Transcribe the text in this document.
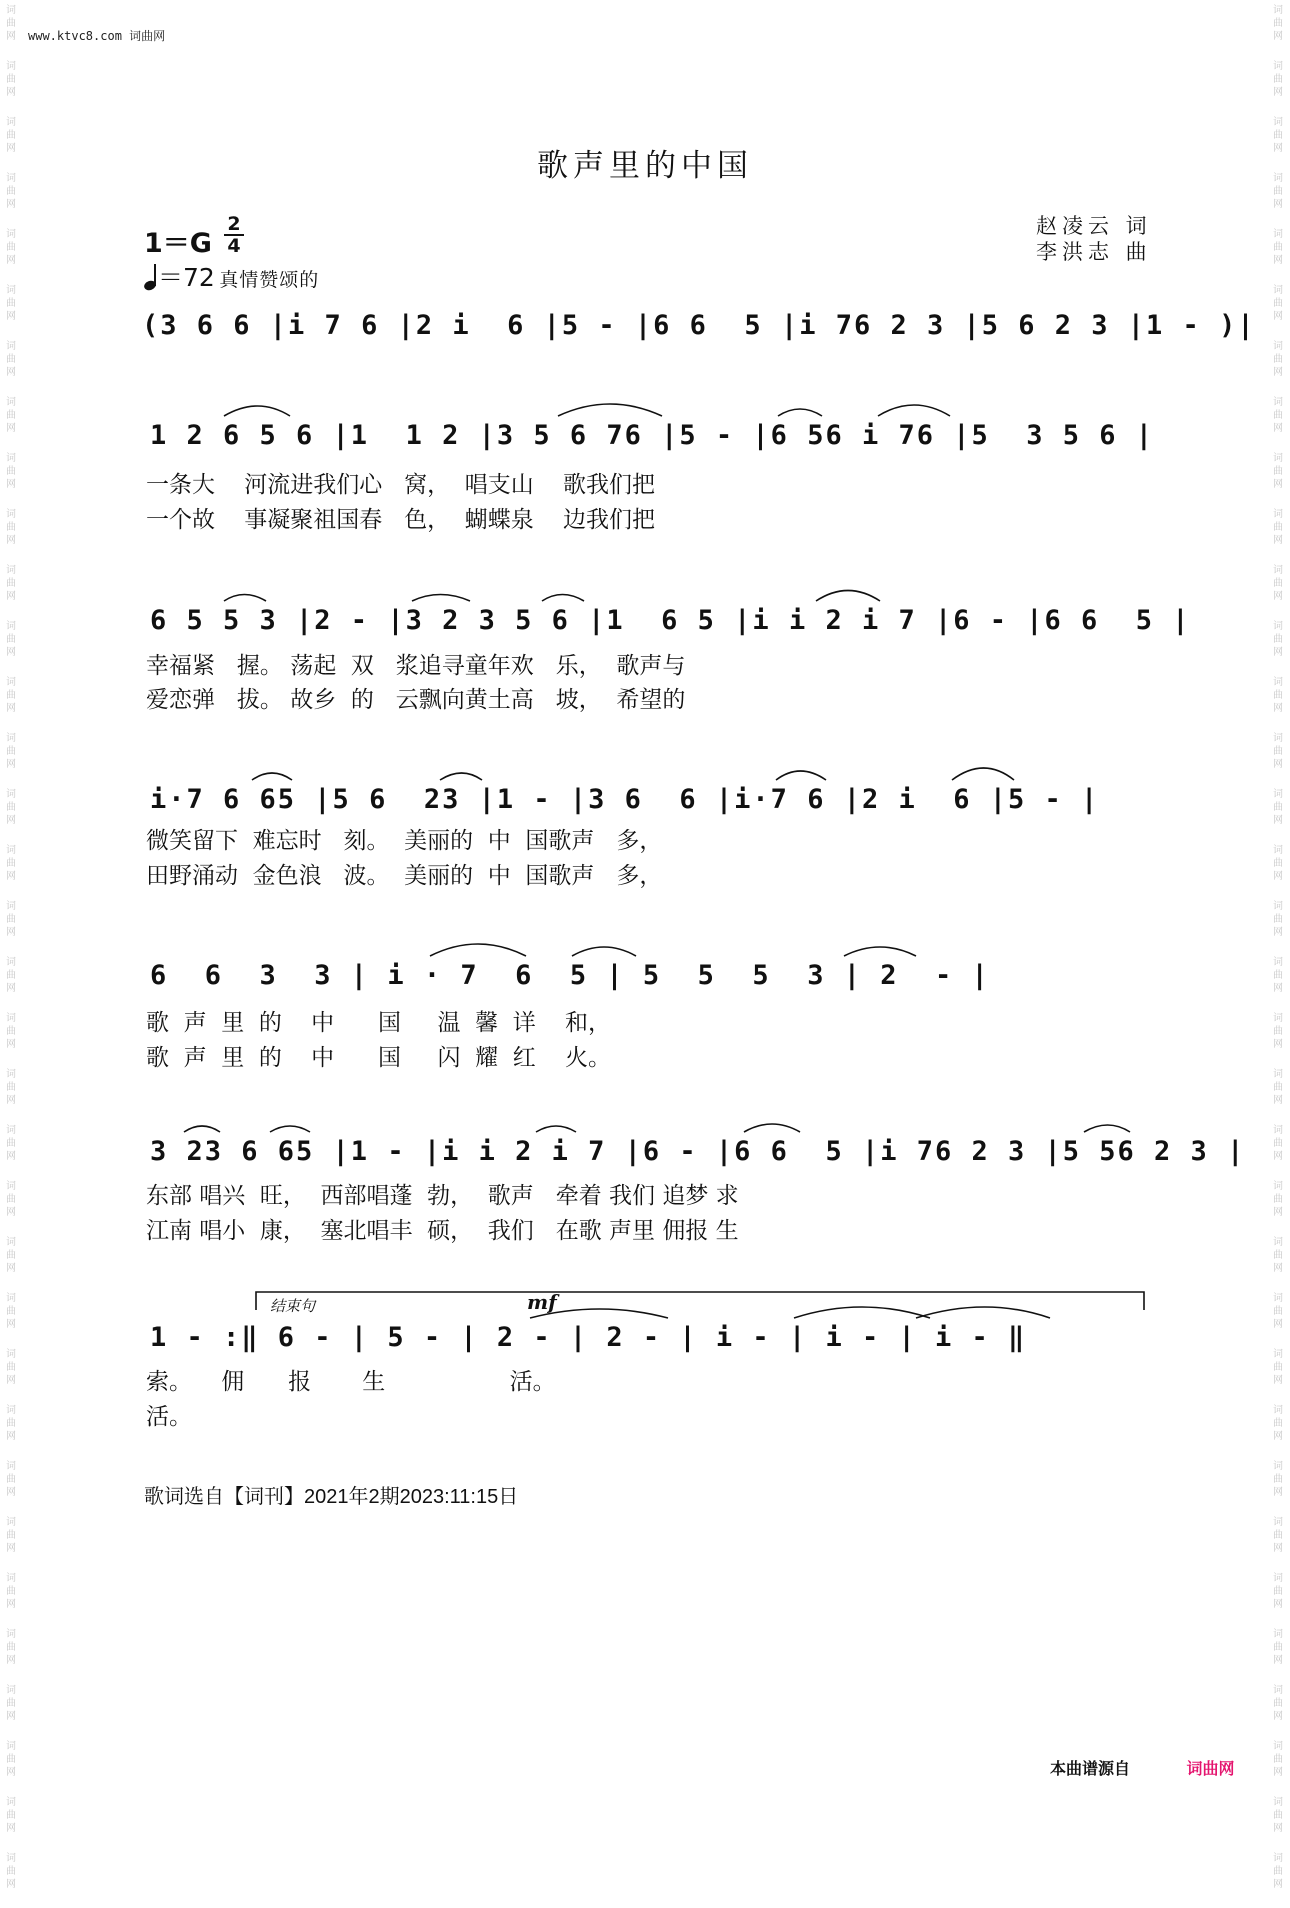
词曲网
词曲网
词曲网
词曲网
词曲网
词曲网
词曲网
词曲网
词曲网
词曲网
词曲网
词曲网
词曲网
词曲网
词曲网
词曲网
词曲网
词曲网
词曲网
词曲网
词曲网
词曲网
词曲网
词曲网
词曲网
词曲网
词曲网
词曲网
词曲网
词曲网
词曲网
词曲网
词曲网
词曲网
词曲网
词曲网
词曲网
词曲网
词曲网
词曲网
词曲网
词曲网
词曲网
词曲网
词曲网
词曲网
词曲网
词曲网
词曲网
词曲网
词曲网
词曲网
词曲网
词曲网
词曲网
词曲网
词曲网
词曲网
词曲网
词曲网
词曲网
词曲网
词曲网
词曲网
词曲网
词曲网
词曲网
词曲网
www.ktvc8.com 词曲网
歌声里的中国
赵凌云 词
李洪志 曲
1＝G
2
4
＝72 真情赞颂的
(3 6 6 |i 7 6 |2 i  6 |5 - |6 6  5 |i 76 2 3 |5 6 2 3 |1 - )|
1 2 6 5 6 |1  1 2 |3 5 6 76 |5 - |6 56 i 76 |5  3 5 6 |
一条大    河流进我们心   窝，  唱支山    歌我们把
一个故    事凝聚祖国春   色，  蝴蝶泉    边我们把
6 5 5 3 |2 - |3 2 3 5 6 |1  6 5 |i i 2 i 7 |6 - |6 6  5 |
幸福紧   握。 荡起  双   浆追寻童年欢   乐，  歌声与
爱恋弹   拔。 故乡  的   云飘向黄土高   坡，  希望的
i·7 6 65 |5 6  23 |1 - |3 6  6 |i·7 6 |2 i  6 |5 - |
微笑留下  难忘时   刻。  美丽的  中  国歌声   多，
田野涌动  金色浪   波。  美丽的  中  国歌声   多，
6  6  3  3 | i · 7  6  5 | 5  5  5  3 | 2  - |
歌  声  里  的    中      国     温  馨  详    和，
歌  声  里  的    中      国     闪  耀  红    火。
3 23 6 65 |1 - |i i 2 i 7 |6 - |6 6  5 |i 76 2 3 |5 56 2 3 |
东部 唱兴  旺，  西部唱蓬  勃，  歌声   牵着 我们 追梦 求
江南 唱小  康，  塞北唱丰  硕，  我们   在歌 声里 佣报 生
结束句	mf
1 - :‖ 6 - | 5 - | 2 - | 2 - | i - | i - | i - ‖
索。    佣      报       生                 活。
活。
歌词选自【词刊】2021年2期2023:11:15日
本曲谱源自	词曲网
